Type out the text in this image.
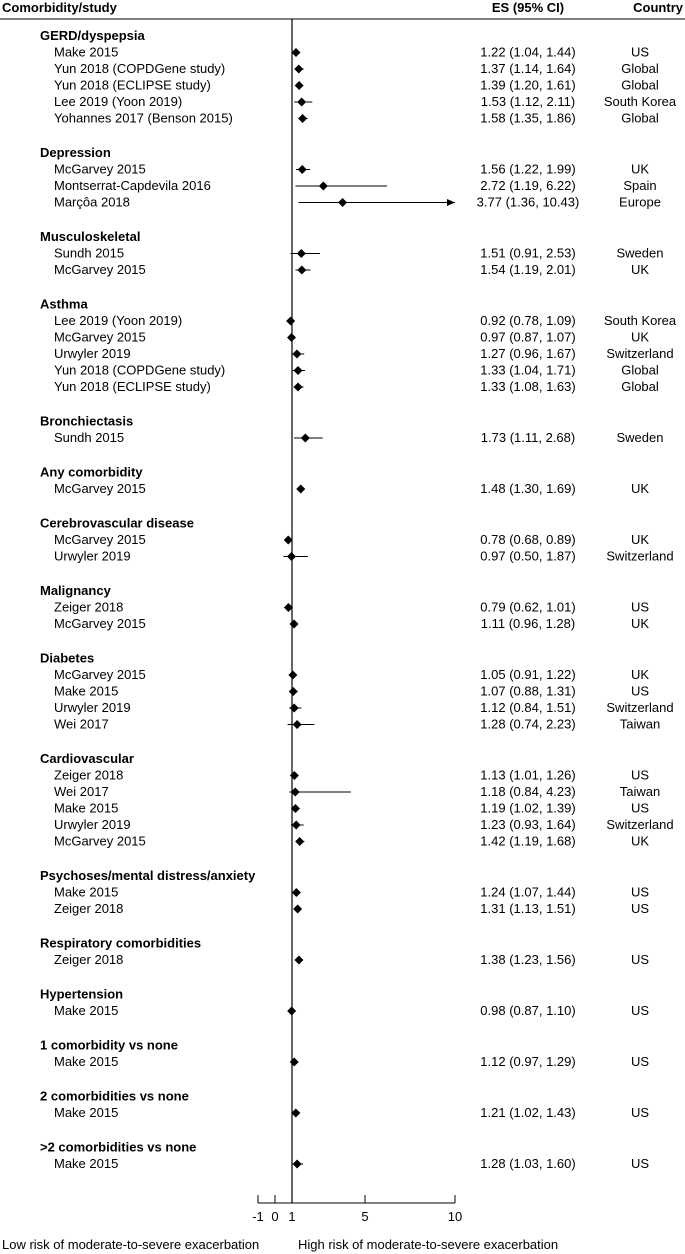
Comorbidity/study	ES (95% CI)	Country
GERD/dyspepsia
Make 2015	1.22 (1.04, 1.44)	US
Yun 2018 (COPDGene study)	1.37 (1.14, 1.64)	Global
Yun 2018 (ECLIPSE study)	1.39 (1.20, 1.61)	Global
Lee 2019 (Yoon 2019)	1.53 (1.12, 2.11) South Korea
Yohannes 2017 (Benson 2015)	1.58 (1.35, 1.86)	Global
Depression
McGarvey 2015	1.56 (1.22, 1.99)	UK
Montserrat-Capdevila 2016	2.72 (1.19, 6.22)	Spain
Marçôa 2018	3.77 (1.36, 10.43)	Europe
Musculoskeletal
Sundh 2015	1.51 (0.91, 2.53)	Sweden
McGarvey 2015	1.54 (1.19, 2.01)	UK
Asthma
Lee 2019 (Yoon 2019)	0.92 (0.78, 1.09) South Korea
McGarvey 2015	0.97 (0.87, 1.07)	UK
Urwyler 2019	1.27 (0.96, 1.67) Switzerland
Yun 2018 (COPDGene study)	1.33 (1.04, 1.71)	Global
Yun 2018 (ECLIPSE study)	1.33 (1.08, 1.63)	Global
Bronchiectasis
Sundh 2015	1.73 (1.11, 2.68)	Sweden
Any comorbidity
McGarvey 2015	1.48 (1.30, 1.69)	UK
Cerebrovascular disease
McGarvey 2015	0.78 (0.68, 0.89)	UK
Urwyler 2019	0.97 (0.50, 1.87) Switzerland
Malignancy
Zeiger 2018	0.79 (0.62, 1.01)	US
McGarvey 2015	1.11 (0.96, 1.28)	UK
Diabetes
McGarvey 2015	1.05 (0.91, 1.22)	UK
Make 2015	1.07 (0.88, 1.31)	US
Urwyler 2019	1.12 (0.84, 1.51) Switzerland
Wei 2017	1.28 (0.74, 2.23)	Taiwan
Cardiovascular
Zeiger 2018	1.13 (1.01, 1.26)	US
Wei 2017	1.18 (0.84, 4.23)	Taiwan
Make 2015	1.19 (1.02, 1.39)	US
Urwyler 2019	1.23 (0.93, 1.64) Switzerland
McGarvey 2015	1.42 (1.19, 1.68)	UK
Psychoses/mental distress/anxiety
Make 2015	1.24 (1.07, 1.44)	US
Zeiger 2018	1.31 (1.13, 1.51)	US
Respiratory comorbidities
Zeiger 2018	1.38 (1.23, 1.56)	US
Hypertension
Make 2015	0.98 (0.87, 1.10)	US
1 comorbidity vs none
Make 2015	1.12 (0.97, 1.29)	US
2 comorbidities vs none
Make 2015	1.21 (1.02, 1.43)	US
>2 comorbidities vs none
Make 2015	1.28 (1.03, 1.60)	US
-1 0 1	5	10
Low risk of moderate-to-severe exacerbation	High risk of moderate-to-severe exacerbation
